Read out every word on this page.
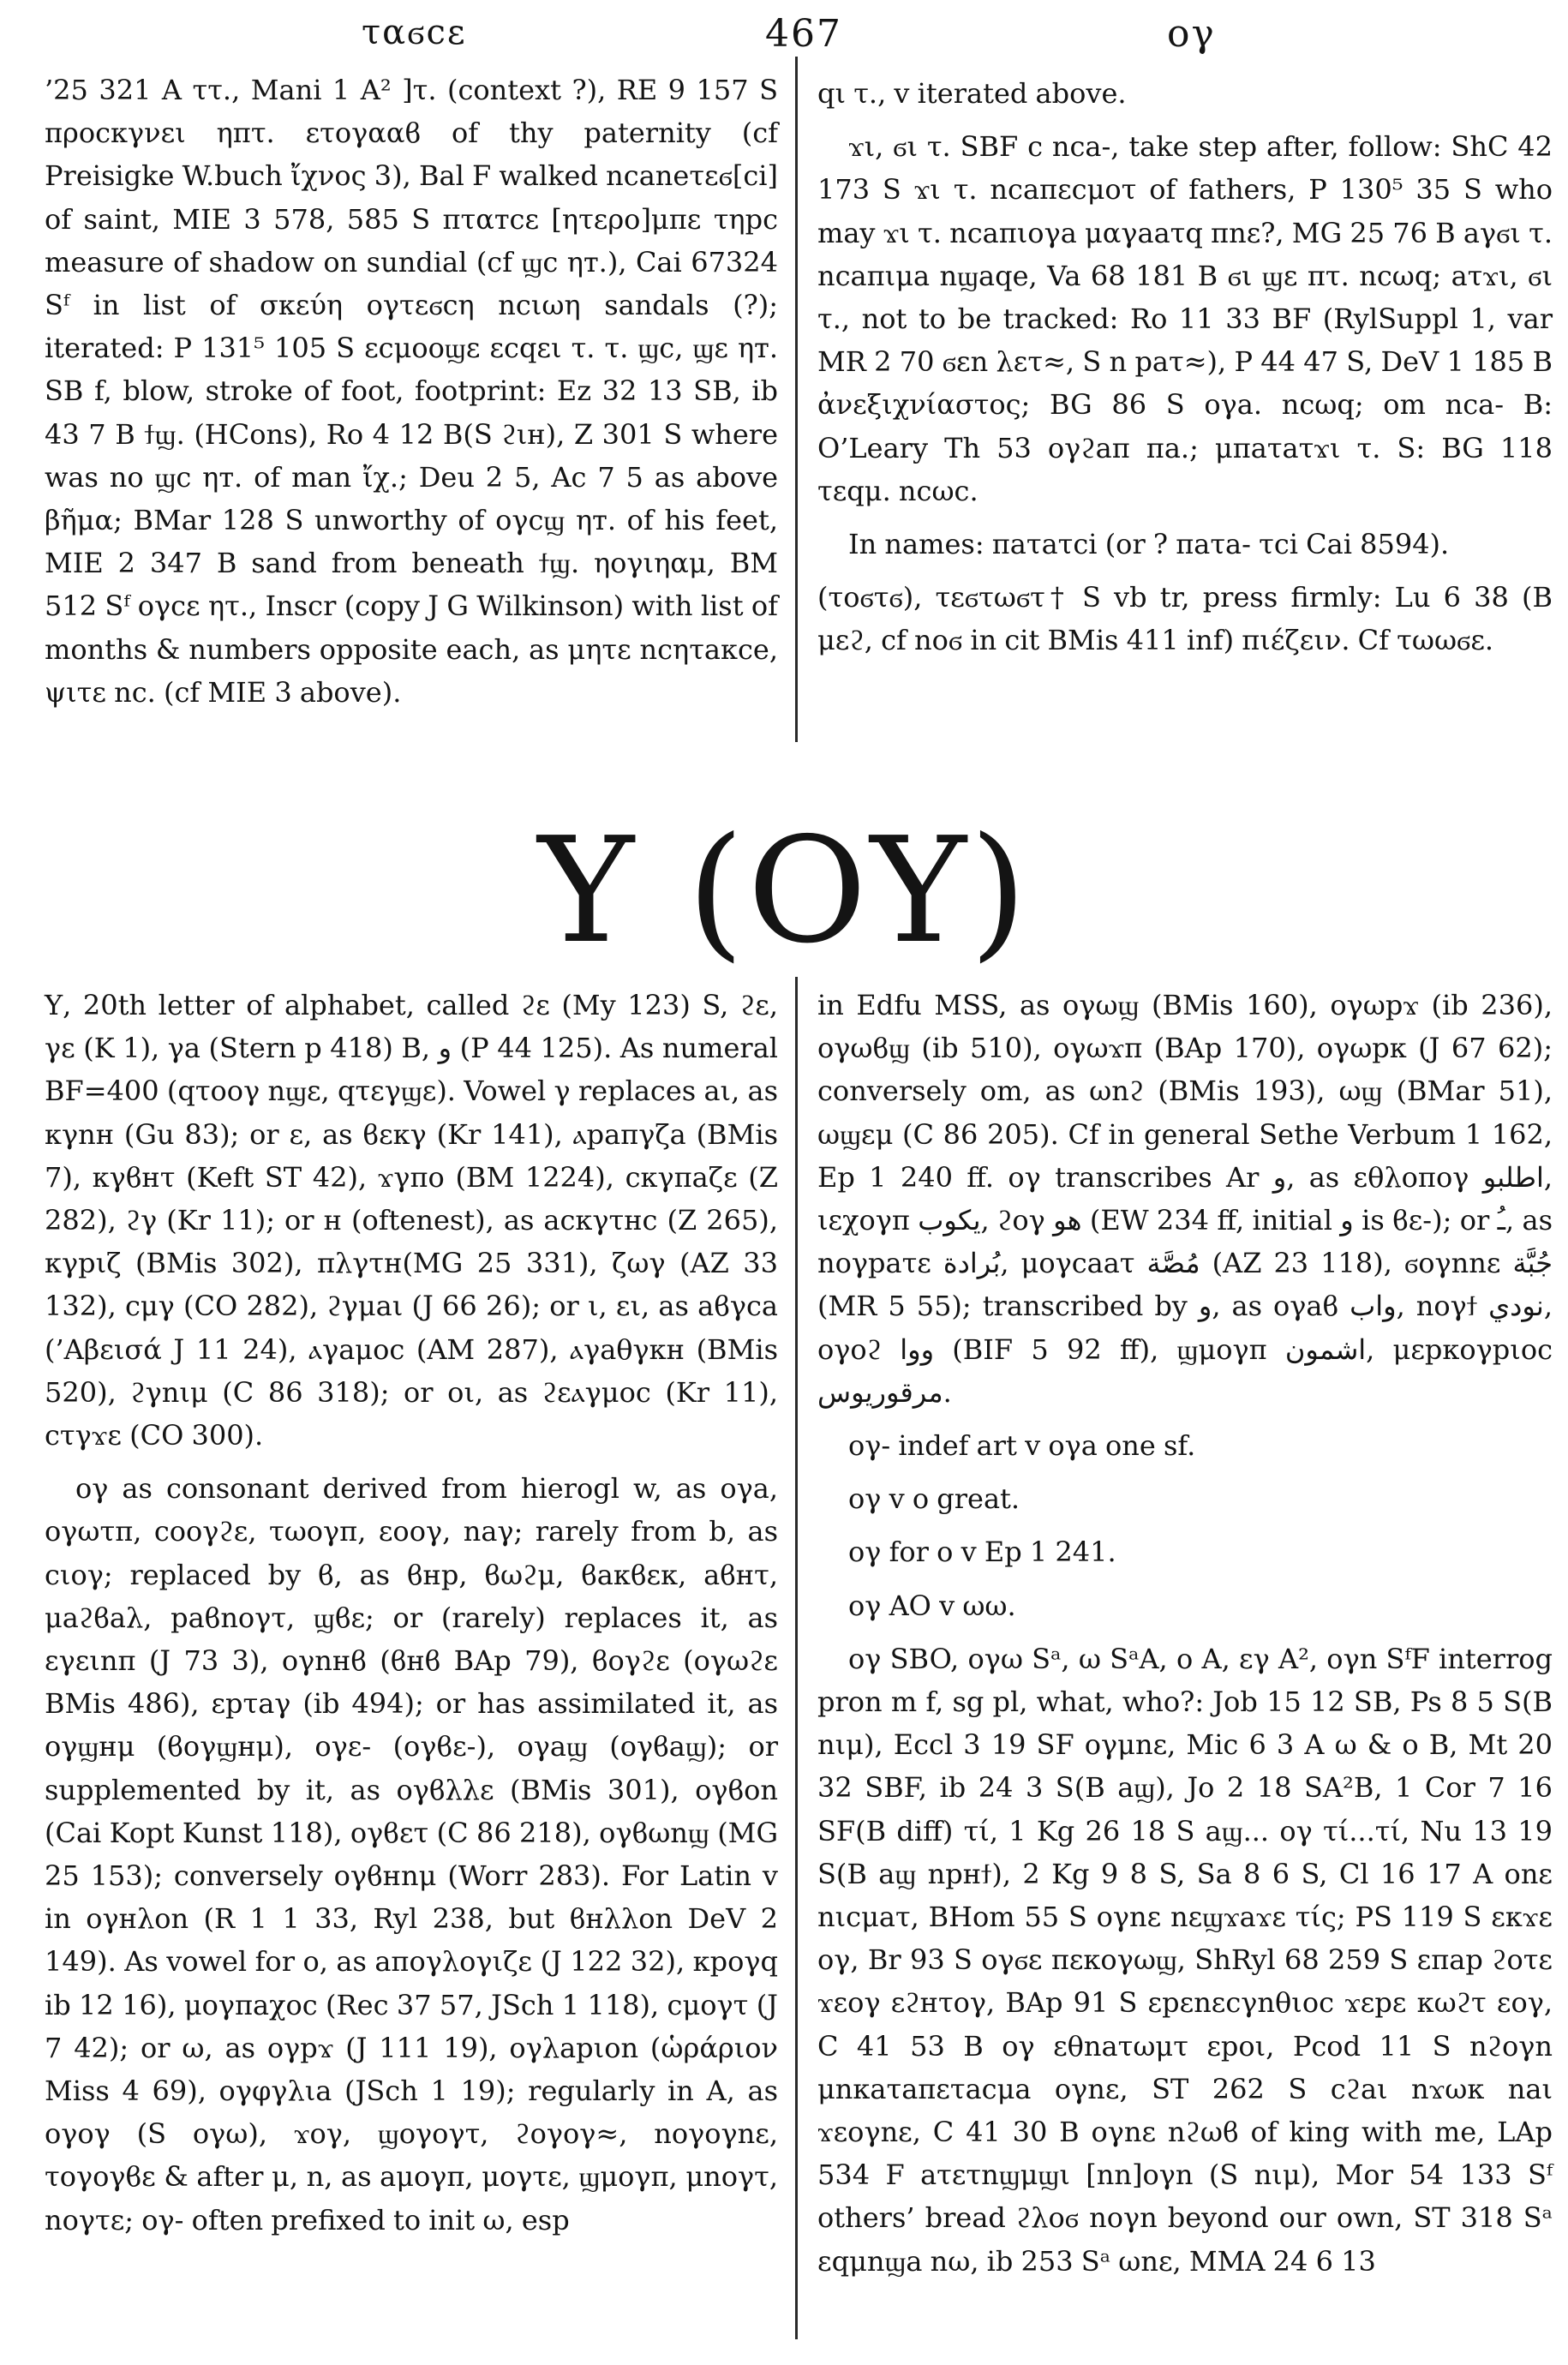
ταϭcε	467	ογ

’25 321 A ττ., Mani 1 A² ]τ. (context ?), RE 9 157 S προcκγνει ηπτ. ετογααϐ of thy paternity (cf Preisigke W.buch ἴχνος 3), Bal F walked ncaneτεϭ[ci] of saint, MIE 3 578, 585 S πταтcε [ητερο]μπε τηpc measure of shadow on sundial (cf ϣc ηт.), Cai 67324 Sᶠ in list of σκεύη ογτεϭcη ncιωη sandals (?); iterated: P 131⁵ 105 S εcμοοϣε εcqει τ. τ. ϣc, ϣε ηт. SB f, blow, stroke of foot, footprint: Ez 32 13 SB, ib 43 7 B ϯϣ. (HCons), Ro 4 12 B(S ϩιн), Z 301 S where was no ϣc ηт. of man ἴχ.; Deu 2 5, Ac 7 5 as above βῆμα; BMar 128 S unworthy of ογcϣ ηт. of his feet, MIE 2 347 B sand from beneath ϯϣ. ηογιηαμ, BM 512 Sᶠ ογcε ητ., Inscr (copy J G Wilkinson) with list of months & numbers opposite each, as μητε ncητaκce, ψιτε nc. (cf MIE 3 above).

qι τ., v iterated above.

ϫι, ϭι τ. SBF c nca-, take step after, follow: ShC 42 173 S ϫι τ. ncaπεcμoτ of fathers, P 130⁵ 35 S who may ϫι τ. ncaπιογa μαγaaτq πnε?, MG 25 76 B aγϭι τ. ncaπιμa nϣaqe, Va 68 181 B ϭι ϣε πτ. ncωq; aτϫι, ϭι τ., not to be tracked: Ro 11 33 BF (RylSuppl 1, var MR 2 70 ϭεn λετ≈, S n paτ≈), P 44 47 S, DeV 1 185 B ἀνεξιχνίαστος; BG 86 S ογa. ncωq; om nca- B: O’Leary Th 53 ογϩaπ πa.; μπaτaτϫι τ. S: BG 118 τεqμ. ncωc.

In names: πaτaτci (or ? πaτa- τci Cai 8594).

(τοϭτϭ), τεϭτωϭτ† S vb tr, press firmly: Lu 6 38 (B μεϩ, cf noϭ in cit BMis 411 inf) πιέζειν. Cf τωωϭε.

Υ (ΟΥ)

Υ, 20th letter of alphabet, called ϩε (My 123) S, ϩε, γε (K 1), γa (Stern p 418) B, و (P 44 125). As numeral BF=400 (qτοογ nϣε, qτεγϣε). Vowel γ replaces aι, as κγnн (Gu 83); or ε, as ϐεκγ (Kr 141), ⲁpaπγζa (BMis 7), κγϐнτ (Keft ST 42), ϫγπο (BM 1224), cκγπaζε (Z 282), ϩγ (Kr 11); or н (oftenest), as acκγτнc (Z 265), κγpιζ (BMis 302), πλγτн(MG 25 331), ζωγ (AZ 33 132), cμγ (CO 282), ϩγμaι (J 66 26); or ι, ει, as aϐγca (’Αβεισά J 11 24), ⲁγaμoc (AM 287), ⲁγaθγκн (BMis 520), ϩγnιμ (C 86 318); or οι, as ϩεⲁγμoc (Kr 11), cτγϫε (CO 300).

ογ as consonant derived from hierogl w, as ογa, ογωτπ, cooγϩε, τωογπ, εοογ, naγ; rarely from b, as cιογ; replaced by ϐ, as ϐнp, ϐωϩμ, ϐaκϐεκ, aϐнτ, μaϩϐaλ, paϐnoγτ, ϣϐε; or (rarely) replaces it, as εγειnπ (J 73 3), ογnнϐ (ϐнϐ BAp 79), ϐογϩε (ογωϩε BMis 486), εpτaγ (ib 494); or has assimilated it, as ογϣнμ (ϐογϣнμ), ογε- (ογϐε-), ογaϣ (ογϐaϣ); or supplemented by it, as ογϐλλε (BMis 301), ογϐοn (Cai Kopt Kunst 118), ογϐετ (C 86 218), ογϐωnϣ (MG 25 153); conversely ογϐнnμ (Worr 283). For Latin v in ογнλοn (R 1 1 33, Ryl 238, but ϐнλλοn DeV 2 149). As vowel for ο, as aπογλογιζε (J 122 32), κpογq ib 12 16), μογπaχoc (Rec 37 57, JSch 1 118), cμογτ (J 7 42); or ω, as ογpϫ (J 111 19), ογλapιon (ὡράριον Miss 4 69), ογφγλιa (JSch 1 19); regularly in A, as ογογ (S ογω), ϫογ, ϣογογτ, ϩογογ≈, noγογnε, τογογϐε & after μ, n, as aμογπ, μογτε, ϣμογπ, μnογτ, noγτε; ογ- often prefixed to init ω, esp

in Edfu MSS, as ογωϣ (BMis 160), ογωpϫ (ib 236), ογωϐϣ (ib 510), ογωϫπ (BAp 170), ογωpκ (J 67 62); conversely om, as ωnϩ (BMis 193), ωϣ (BMar 51), ωϣεμ (C 86 205). Cf in general Sethe Verbum 1 162, Ep 1 240 ff. ογ transcribes Ar و, as εθλοπογ اطلبو, ιεχογπ يكوب, ϩογ هو (EW 234 ff, initial و is ϐε-); or ـُ, as nογpaτε بُرادة, μογcaaτ مُصَّة (AZ 23 118), ϭογnnε جُبَّة (MR 5 55); transcribed by و, as ογaϐ واب, noγϯ نودي, ογoϩ ووا (BIF 5 92 ff), ϣμoγπ اشمون, μεpκογpιoc مرقوريوس.

ογ- indef art v ογa one sf.

ογ v o great.

ογ for o v Ep 1 241.

ογ AO v ωω.

ογ SBO, ογω Sᵃ, ω SᵃA, o A, εγ A², ογn SᶠF interrog pron m f, sg pl, what, who?: Job 15 12 SB, Ps 8 5 S(B nιμ), Eccl 3 19 SF ογμnε, Mic 6 3 A ω & o B, Mt 20 32 SBF, ib 24 3 S(B aϣ), Jo 2 18 SA²B, 1 Cor 7 16 SF(B diff) τί, 1 Kg 26 18 S aϣ... ογ τί...τί, Nu 13 19 S(B aϣ npнϯ), 2 Kg 9 8 S, Sa 8 6 S, Cl 16 17 A onε nιcμaτ, BHom 55 S ογnε nεϣϫaϫε τίς; PS 119 S εκϫε ογ, Br 93 S ογϭε πεκογωϣ, ShRyl 68 259 S επap ϩoτε ϫεογ εϩнτογ, BAp 91 S εpεnεcγnθιoc ϫεpε κωϩτ εογ, C 41 53 B ογ εθnaτωμτ εpoι, Pcod 11 S nϩογn μnκaτaπετacμa ογnε, ST 262 S cϩaι nϫωκ naι ϫεογnε, C 41 30 B ογnε nϩωϐ of king with me, LAp 534 F aτετnϣμϣι [nn]ογn (S nιμ), Mor 54 133 Sᶠ others’ bread ϩλoϭ noγn beyond our own, ST 318 Sᵃ εqμnϣa nω, ib 253 Sᵃ ωnε, MMA 24 6 13
